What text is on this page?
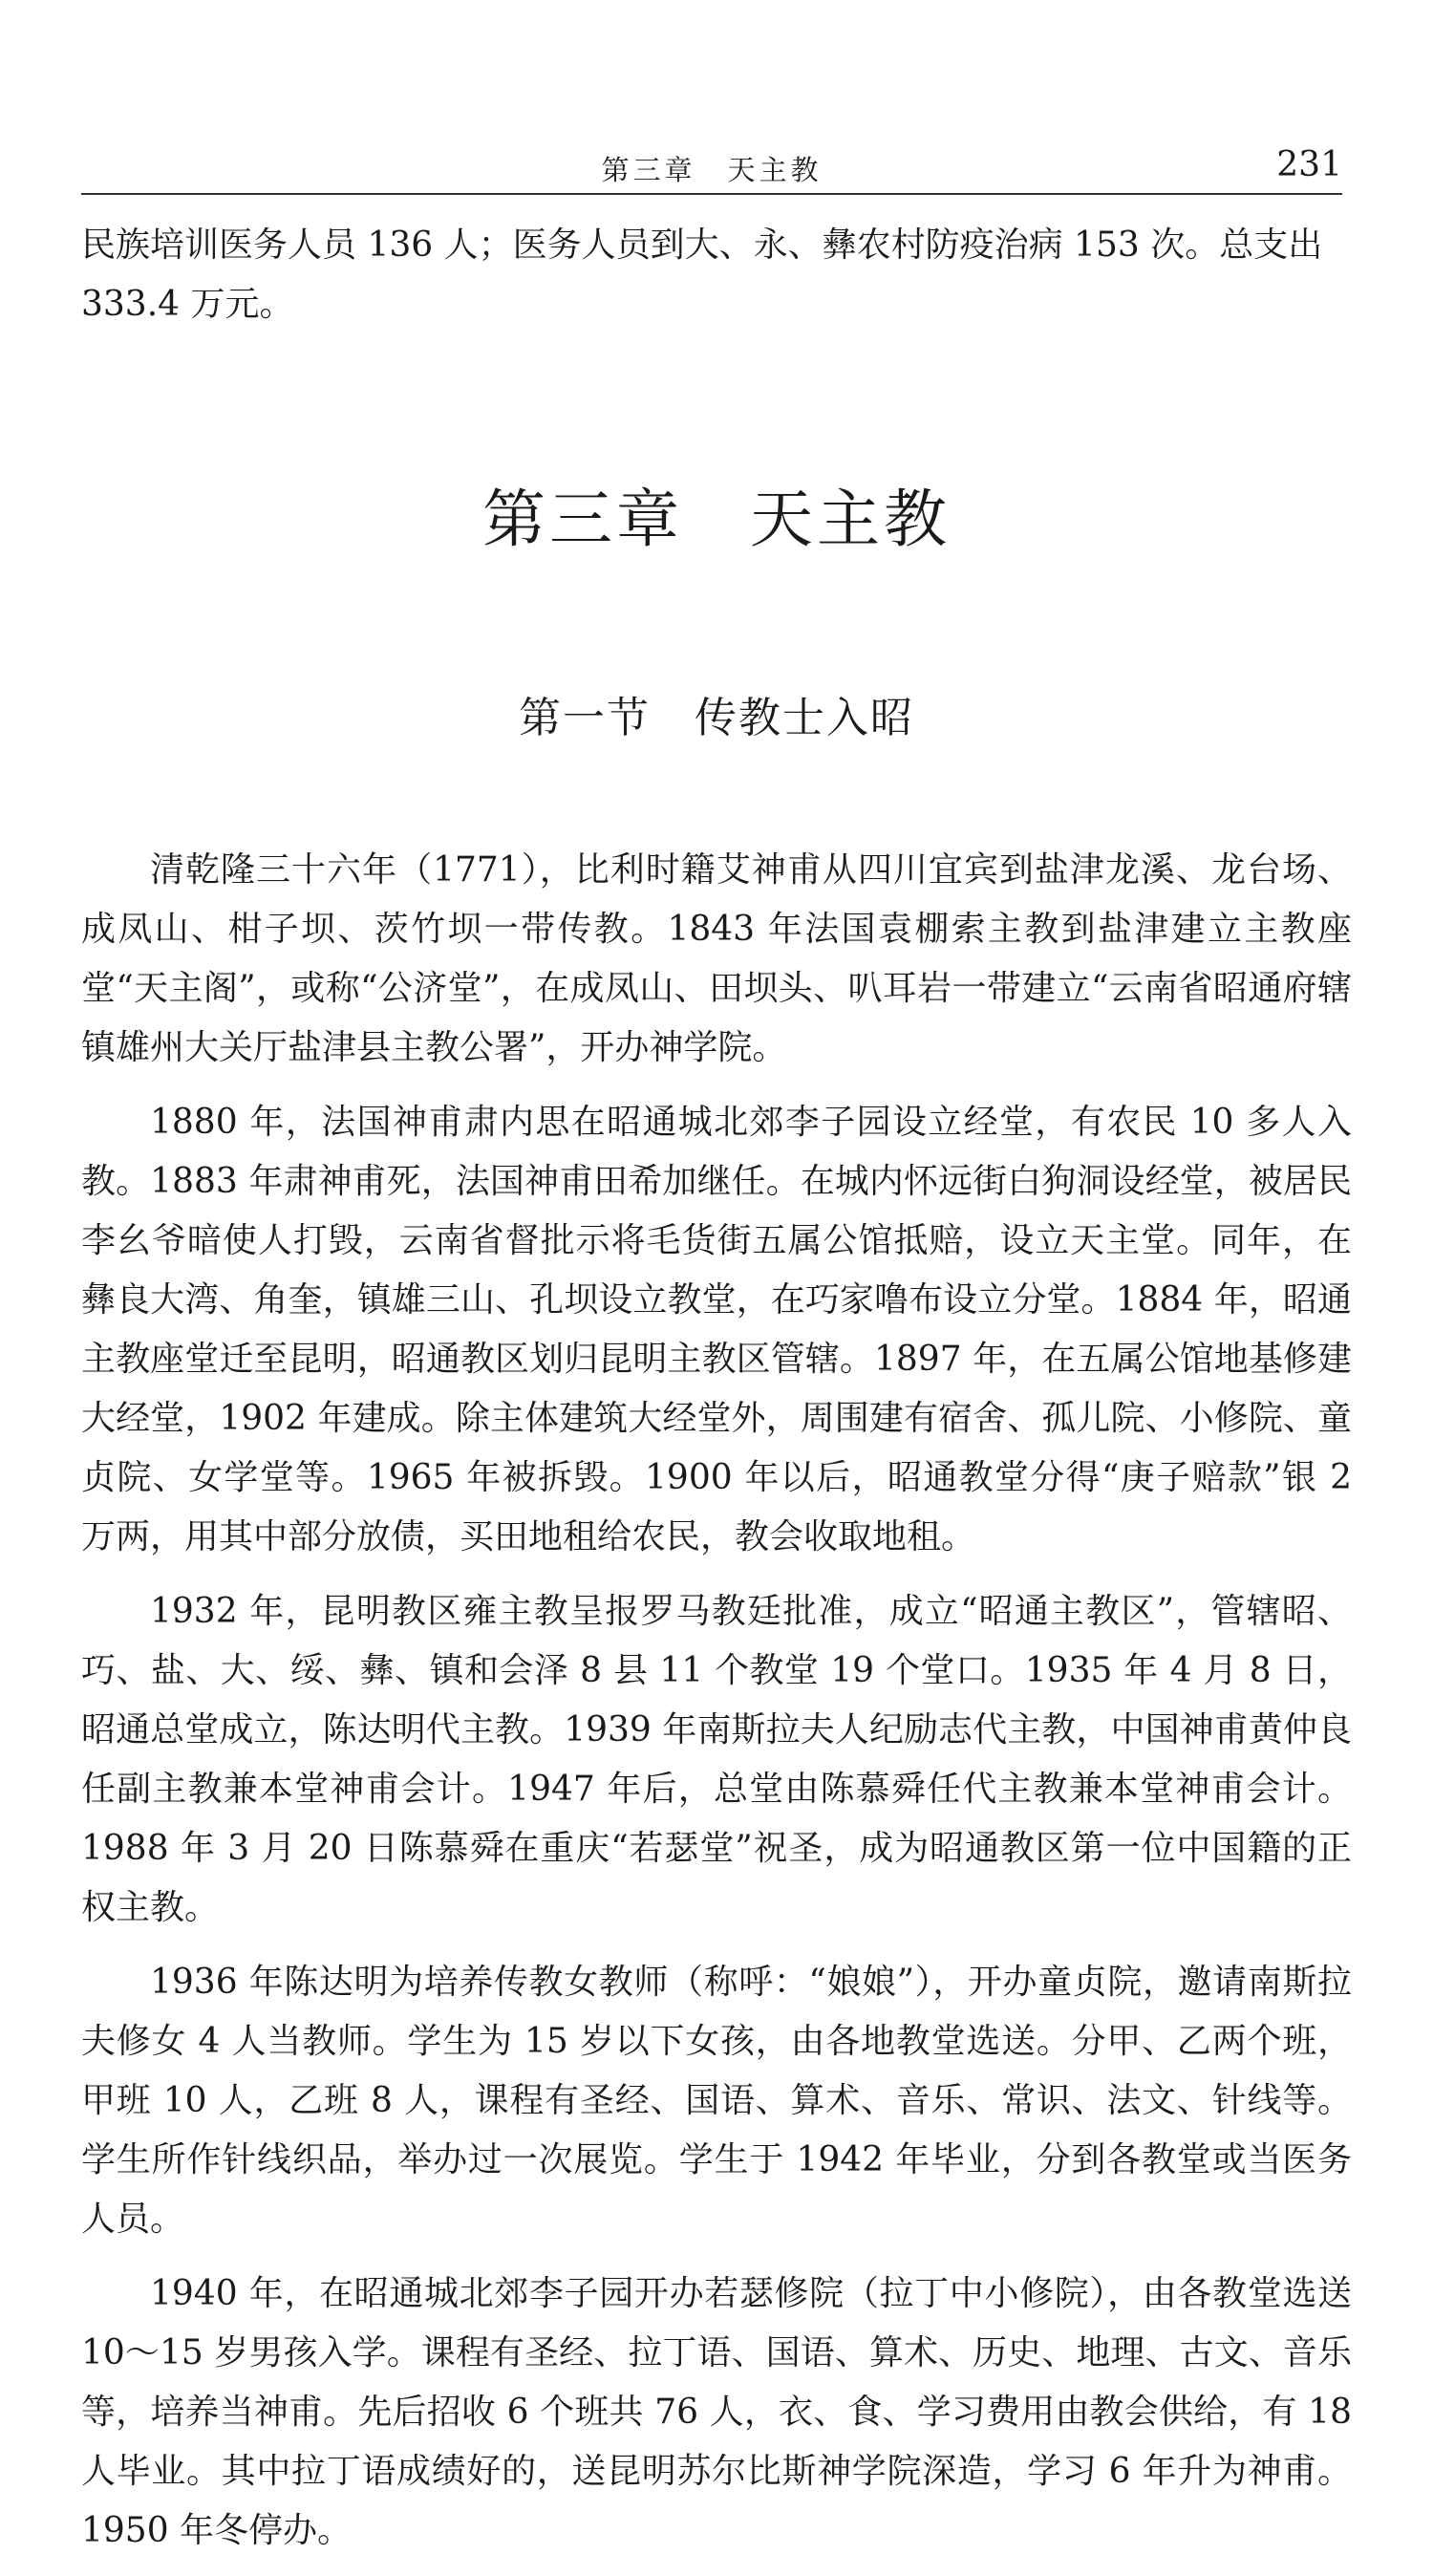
第三章　天主教	231

民族培训医务人员 136 人；医务人员到大、永、彝农村防疫治病 153 次。总支出 333.4 万元。

第三章　天主教
第一节　传教士入昭

清乾隆三十六年（1771），比利时籍艾神甫从四川宜宾到盐津龙溪、龙台场、成凤山、柑子坝、茨竹坝一带传教。1843 年法国袁棚索主教到盐津建立主教座堂“天主阁”，或称“公济堂”，在成凤山、田坝头、叭耳岩一带建立“云南省昭通府辖镇雄州大关厅盐津县主教公署”，开办神学院。

1880 年，法国神甫肃内思在昭通城北郊李子园设立经堂，有农民 10 多人入教。1883 年肃神甫死，法国神甫田希加继任。在城内怀远街白狗洞设经堂，被居民李幺爷暗使人打毁，云南省督批示将毛货街五属公馆抵赔，设立天主堂。同年，在彝良大湾、角奎，镇雄三山、孔坝设立教堂，在巧家噜布设立分堂。1884 年，昭通主教座堂迁至昆明，昭通教区划归昆明主教区管辖。1897 年，在五属公馆地基修建大经堂，1902 年建成。除主体建筑大经堂外，周围建有宿舍、孤儿院、小修院、童贞院、女学堂等。1965 年被拆毁。1900 年以后，昭通教堂分得“庚子赔款”银 2 万两，用其中部分放债，买田地租给农民，教会收取地租。

1932 年，昆明教区雍主教呈报罗马教廷批准，成立“昭通主教区”，管辖昭、巧、盐、大、绥、彝、镇和会泽 8 县 11 个教堂 19 个堂口。1935 年 4 月 8 日，昭通总堂成立，陈达明代主教。1939 年南斯拉夫人纪励志代主教，中国神甫黄仲良任副主教兼本堂神甫会计。1947 年后，总堂由陈慕舜任代主教兼本堂神甫会计。1988 年 3 月 20 日陈慕舜在重庆“若瑟堂”祝圣，成为昭通教区第一位中国籍的正权主教。

1936 年陈达明为培养传教女教师（称呼：“娘娘”），开办童贞院，邀请南斯拉夫修女 4 人当教师。学生为 15 岁以下女孩，由各地教堂选送。分甲、乙两个班，甲班 10 人，乙班 8 人，课程有圣经、国语、算术、音乐、常识、法文、针线等。学生所作针线织品，举办过一次展览。学生于 1942 年毕业，分到各教堂或当医务人员。

1940 年，在昭通城北郊李子园开办若瑟修院（拉丁中小修院），由各教堂选送 10～15 岁男孩入学。课程有圣经、拉丁语、国语、算术、历史、地理、古文、音乐等，培养当神甫。先后招收 6 个班共 76 人，衣、食、学习费用由教会供给，有 18 人毕业。其中拉丁语成绩好的，送昆明苏尔比斯神学院深造，学习 6 年升为神甫。1950 年冬停办。
